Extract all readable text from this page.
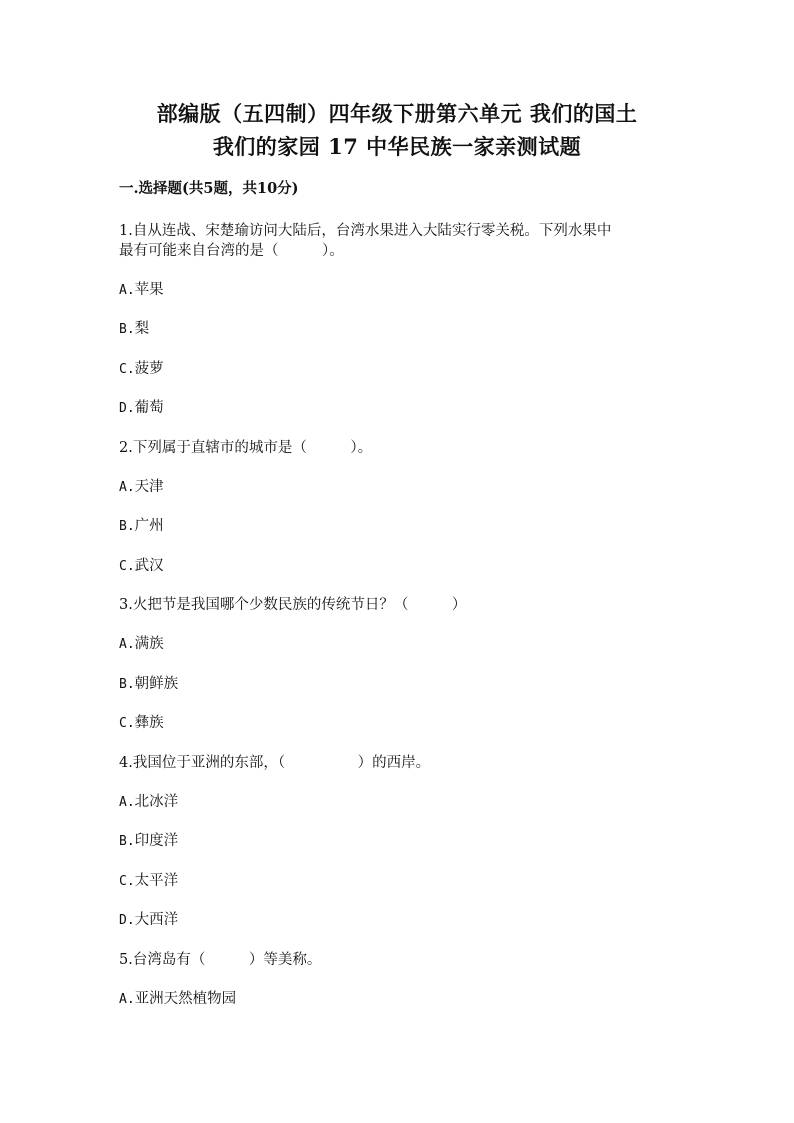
部编版（五四制）四年级下册第六单元 我们的国土
我们的家园 17 中华民族一家亲测试题
一.选择题(共5题，共10分)
1.自从连战、宋楚瑜访问大陆后，台湾水果进入大陆实行零关税。下列水果中
最有可能来自台湾的是（　　　）。
A.苹果
B.梨
C.菠萝
D.葡萄
2.下列属于直辖市的城市是（　　　）。
A.天津
B.广州
C.武汉
3.火把节是我国哪个少数民族的传统节日？（　　　）
A.满族
B.朝鲜族
C.彝族
4.我国位于亚洲的东部，（　　　　　）的西岸。
A.北冰洋
B.印度洋
C.太平洋
D.大西洋
5.台湾岛有（　　　）等美称。
A.亚洲天然植物园
